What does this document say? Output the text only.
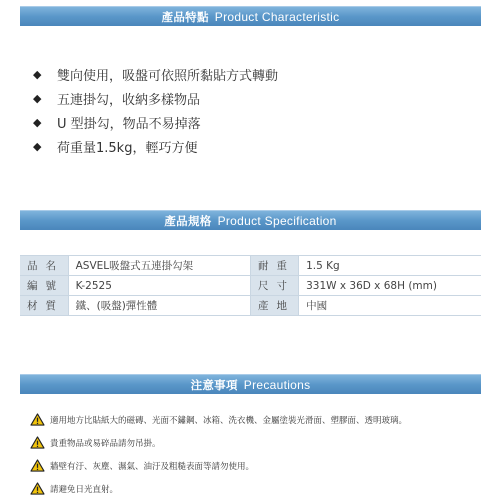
產品特點 Product Characteristic
◆ 雙向使用，吸盤可依照所黏貼方式轉動
◆ 五連掛勾，收納多樣物品
◆ U 型掛勾，物品不易掉落
◆ 荷重量1.5kg，輕巧方便
產品規格 Product Specification
品名	ASVEL吸盤式五連掛勾架	耐重	1.5 Kg
編號	K-2525	尺寸	331W x 36D x 68H (mm)
材質	鐵、(吸盤)彈性體	產地	中國
注意事項 Precautions
適用地方比貼紙大的磁磚、光面不鏽鋼、冰箱、洗衣機、金屬塗裝光滑面、塑膠面、透明玻璃。
貴重物品或易碎品請勿吊掛。
牆壁有汙、灰塵、濕氣、油汙及粗糙表面等請勿使用。
請避免日光直射。
